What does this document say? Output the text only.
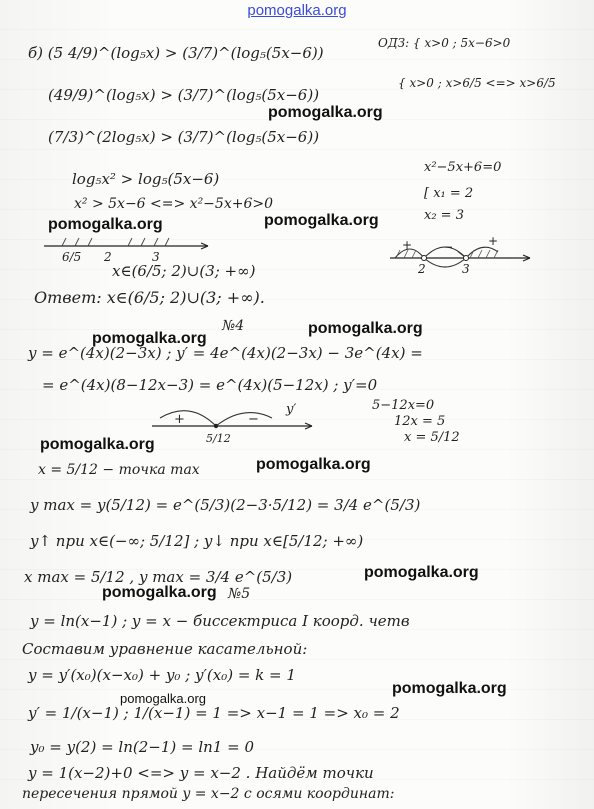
pomogalka.org
б) (5 4/9)^(log₅x) > (3/7)^(log₅(5x−6))
(49/9)^(log₅x) > (3/7)^(log₅(5x−6))
(7/3)^(2log₅x) > (3/7)^(log₅(5x−6))
log₅x² > log₅(5x−6)
x² > 5x−6 <=> x²−5x+6>0
ОДЗ: { x>0 ; 5x−6>0
{ x>0 ; x>6/5 <=> x>6/5
x²−5x+6=0
[ x₁ = 2
x₂ = 3
6/5 2	3
2	3
+	−	+
x∈(6/5; 2)∪(3; +∞)
Ответ: x∈(6/5; 2)∪(3; +∞).
№4
y = e^(4x)(2−3x) ; y′ = 4e^(4x)(2−3x) − 3e^(4x) =
= e^(4x)(8−12x−3) = e^(4x)(5−12x) ; y′=0
5−12x=0
12x = 5
x = 5/12
+	−
y′
5/12
x = 5/12 − точка max
y max = y(5/12) = e^(5/3)(2−3·5/12) = 3/4 e^(5/3)
y↑ при x∈(−∞; 5/12] ; y↓ при x∈[5/12; +∞)
x max = 5/12 , y max = 3/4 e^(5/3)
№5
y = ln(x−1) ; y = x − биссектриса I коорд. четв
Составим уравнение касательной:
y = y′(x₀)(x−x₀) + y₀ ; y′(x₀) = k = 1
y′ = 1/(x−1) ; 1/(x−1) = 1 => x−1 = 1 => x₀ = 2
y₀ = y(2) = ln(2−1) = ln1 = 0
y = 1(x−2)+0 <=> y = x−2 . Найдём точки
пересечения прямой y = x−2 с осями координат:
pomogalka.org
pomogalka.org	pomogalka.org
pomogalka.org
pomogalka.org
pomogalka.org
pomogalka.org
pomogalka.org
pomogalka.org
pomogalka.org
pomogalka.org
